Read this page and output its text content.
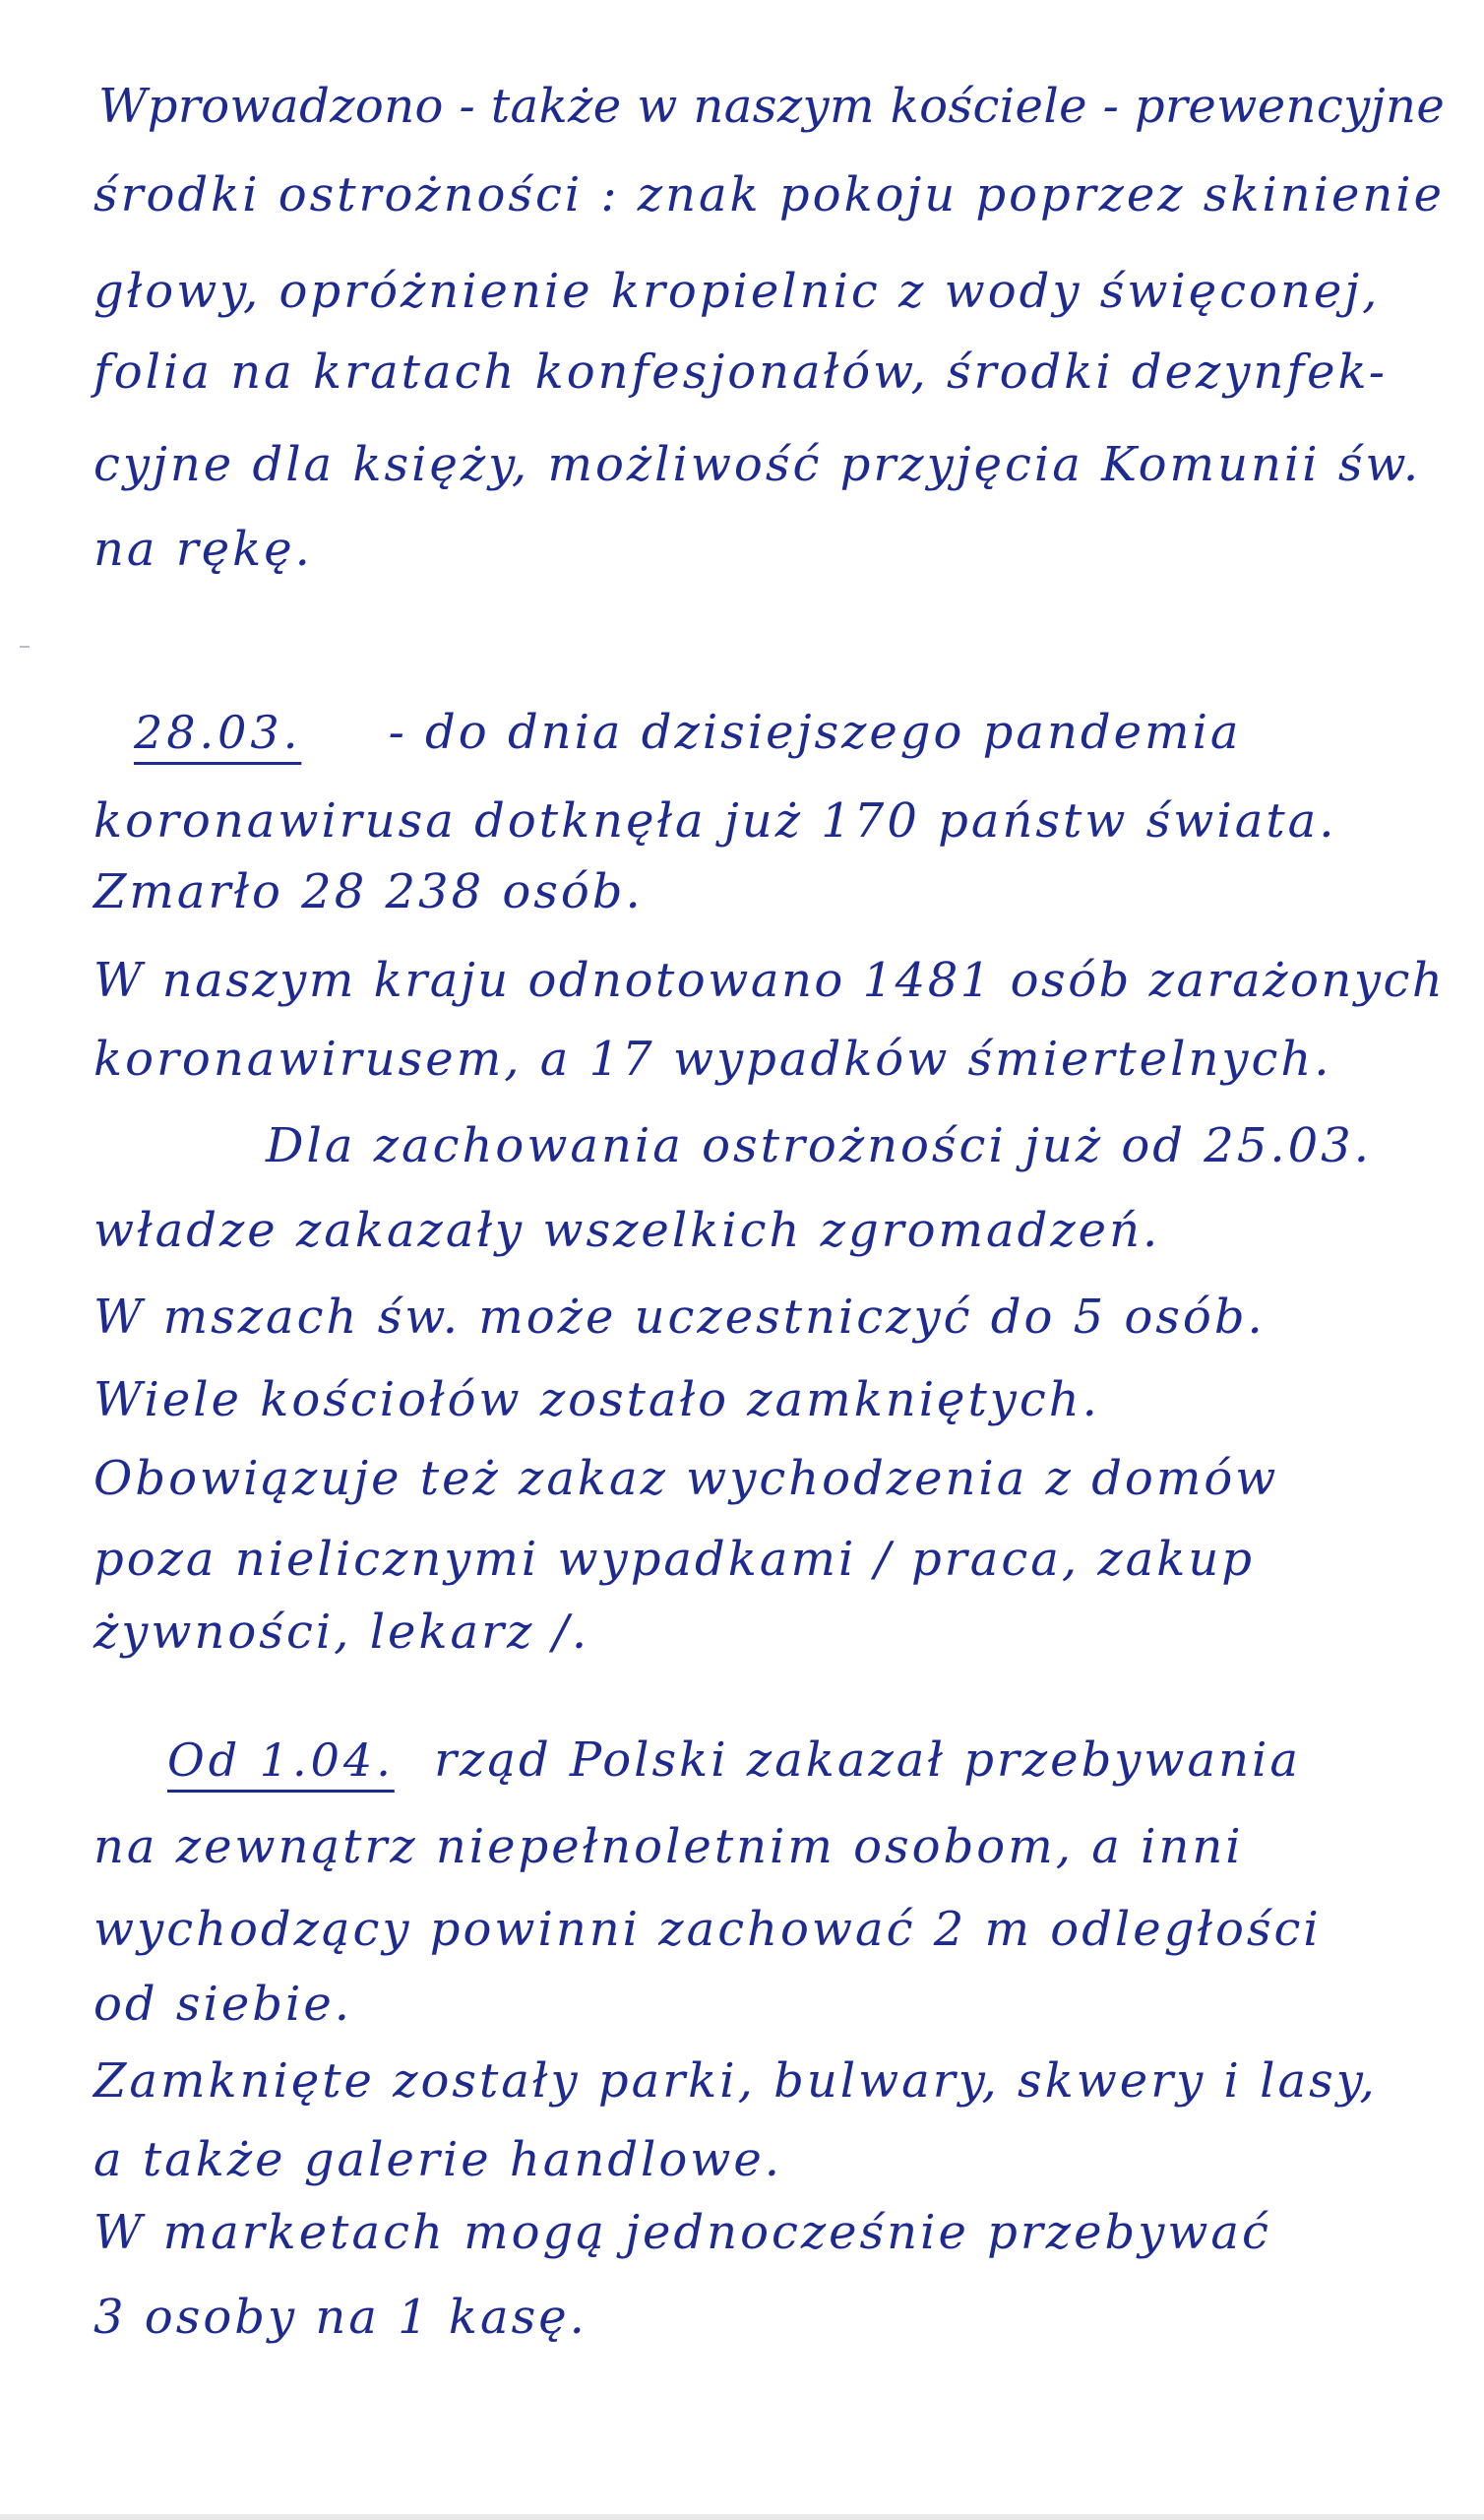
Wprowadzono - także w naszym kościele - prewencyjne
środki ostrożności : znak pokoju poprzez skinienie
głowy, opróżnienie kropielnic z wody święconej,
folia na kratach konfesjonałów, środki dezynfek-
cyjne dla księży, możliwość przyjęcia Komunii św.
na rękę.
28.03. - do dnia dzisiejszego pandemia
koronawirusa dotknęła już 170 państw świata.
Zmarło 28 238 osób.
W naszym kraju odnotowano 1481 osób zarażonych
koronawirusem, a 17 wypadków śmiertelnych.
Dla zachowania ostrożności już od 25.03.
władze zakazały wszelkich zgromadzeń.
W mszach św. może uczestniczyć do 5 osób.
Wiele kościołów zostało zamkniętych.
Obowiązuje też zakaz wychodzenia z domów
poza nielicznymi wypadkami / praca, zakup
żywności, lekarz /.
Od 1.04. rząd Polski zakazał przebywania
na zewnątrz niepełnoletnim osobom, a inni
wychodzący powinni zachować 2 m odległości
od siebie.
Zamknięte zostały parki, bulwary, skwery i lasy,
a także galerie handlowe.
W marketach mogą jednocześnie przebywać
3 osoby na 1 kasę.
